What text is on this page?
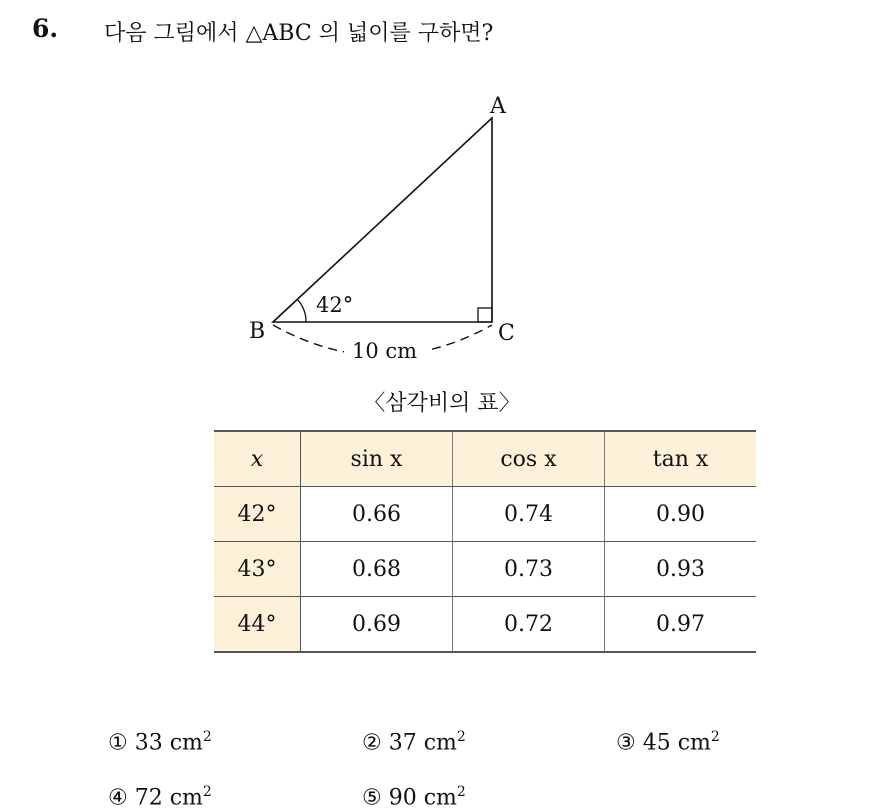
6. 다음 그림에서 △ABC 의 넓이를 구하면?
A
B	C
42°
10 cm
〈삼각비의 표〉
x	sin x	cos x	tan x
42°	0.66	0.74	0.90
43°	0.68	0.73	0.93
44°	0.69	0.72	0.97
① 33 $cm^2$	② 37 $cm^2$	③ 45 $cm^2$
④ 72 $cm^2$	⑤ 90 $cm^2$
